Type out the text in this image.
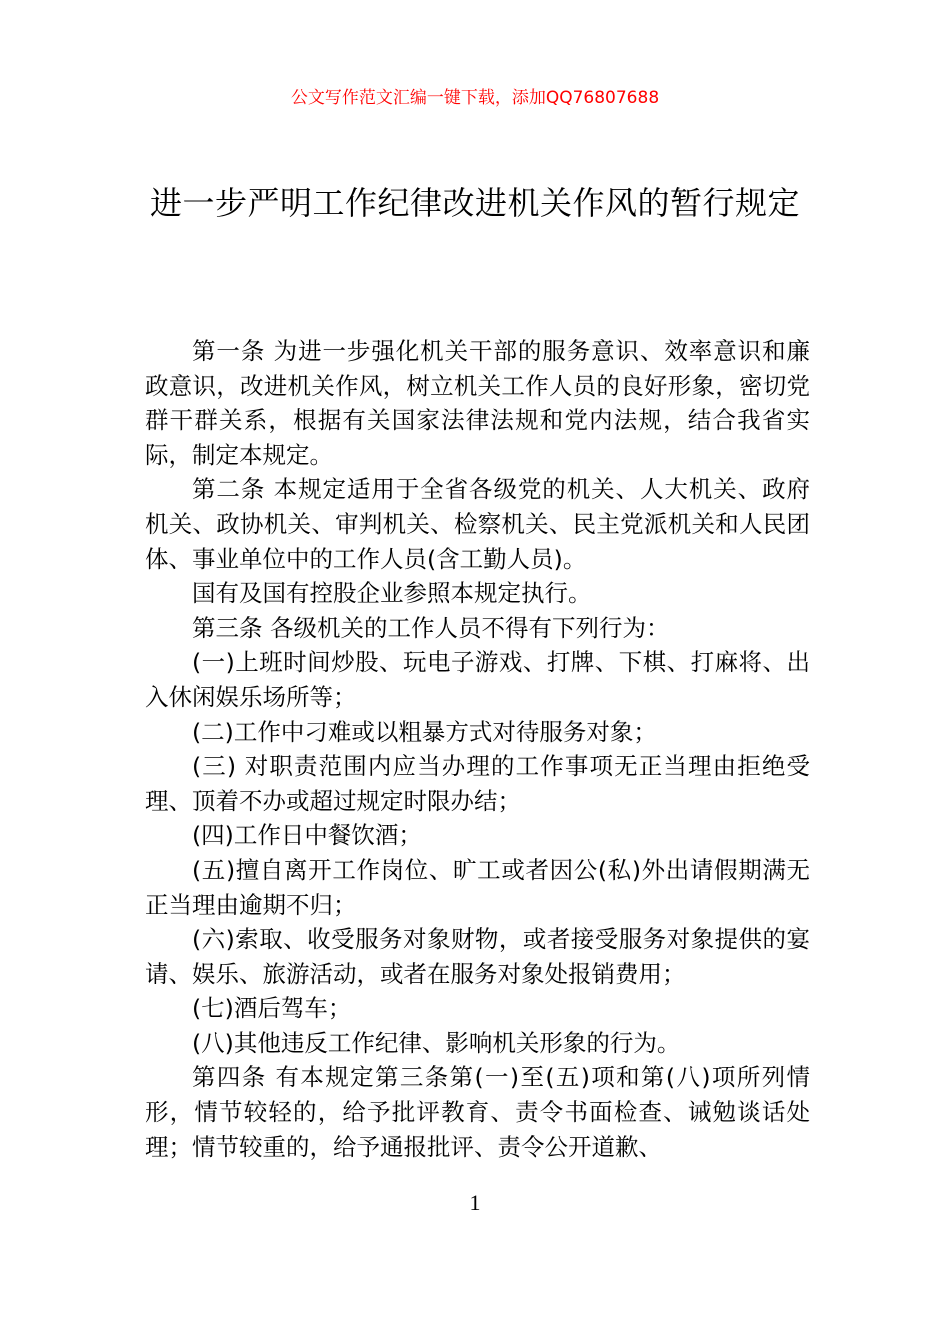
公文写作范文汇编一键下载，添加QQ76807688
进一步严明工作纪律改进机关作风的暂行规定

第一条 为进一步强化机关干部的服务意识、效率意识和廉政意识，改进机关作风，树立机关工作人员的良好形象，密切党群干群关系，根据有关国家法律法规和党内法规，结合我省实际，制定本规定。

第二条 本规定适用于全省各级党的机关、人大机关、政府机关、政协机关、审判机关、检察机关、民主党派机关和人民团体、事业单位中的工作人员(含工勤人员)。

国有及国有控股企业参照本规定执行。

第三条 各级机关的工作人员不得有下列行为：

(一)上班时间炒股、玩电子游戏、打牌、下棋、打麻将、出入休闲娱乐场所等；

(二)工作中刁难或以粗暴方式对待服务对象；

(三) 对职责范围内应当办理的工作事项无正当理由拒绝受理、顶着不办或超过规定时限办结；

(四)工作日中餐饮酒；

(五)擅自离开工作岗位、旷工或者因公(私)外出请假期满无正当理由逾期不归；

(六)索取、收受服务对象财物，或者接受服务对象提供的宴请、娱乐、旅游活动，或者在服务对象处报销费用；

(七)酒后驾车；

(八)其他违反工作纪律、影响机关形象的行为。

第四条 有本规定第三条第(一)至(五)项和第(八)项所列情形，情节较轻的，给予批评教育、责令书面检查、诫勉谈话处理；情节较重的，给予通报批评、责令公开道歉、

1
